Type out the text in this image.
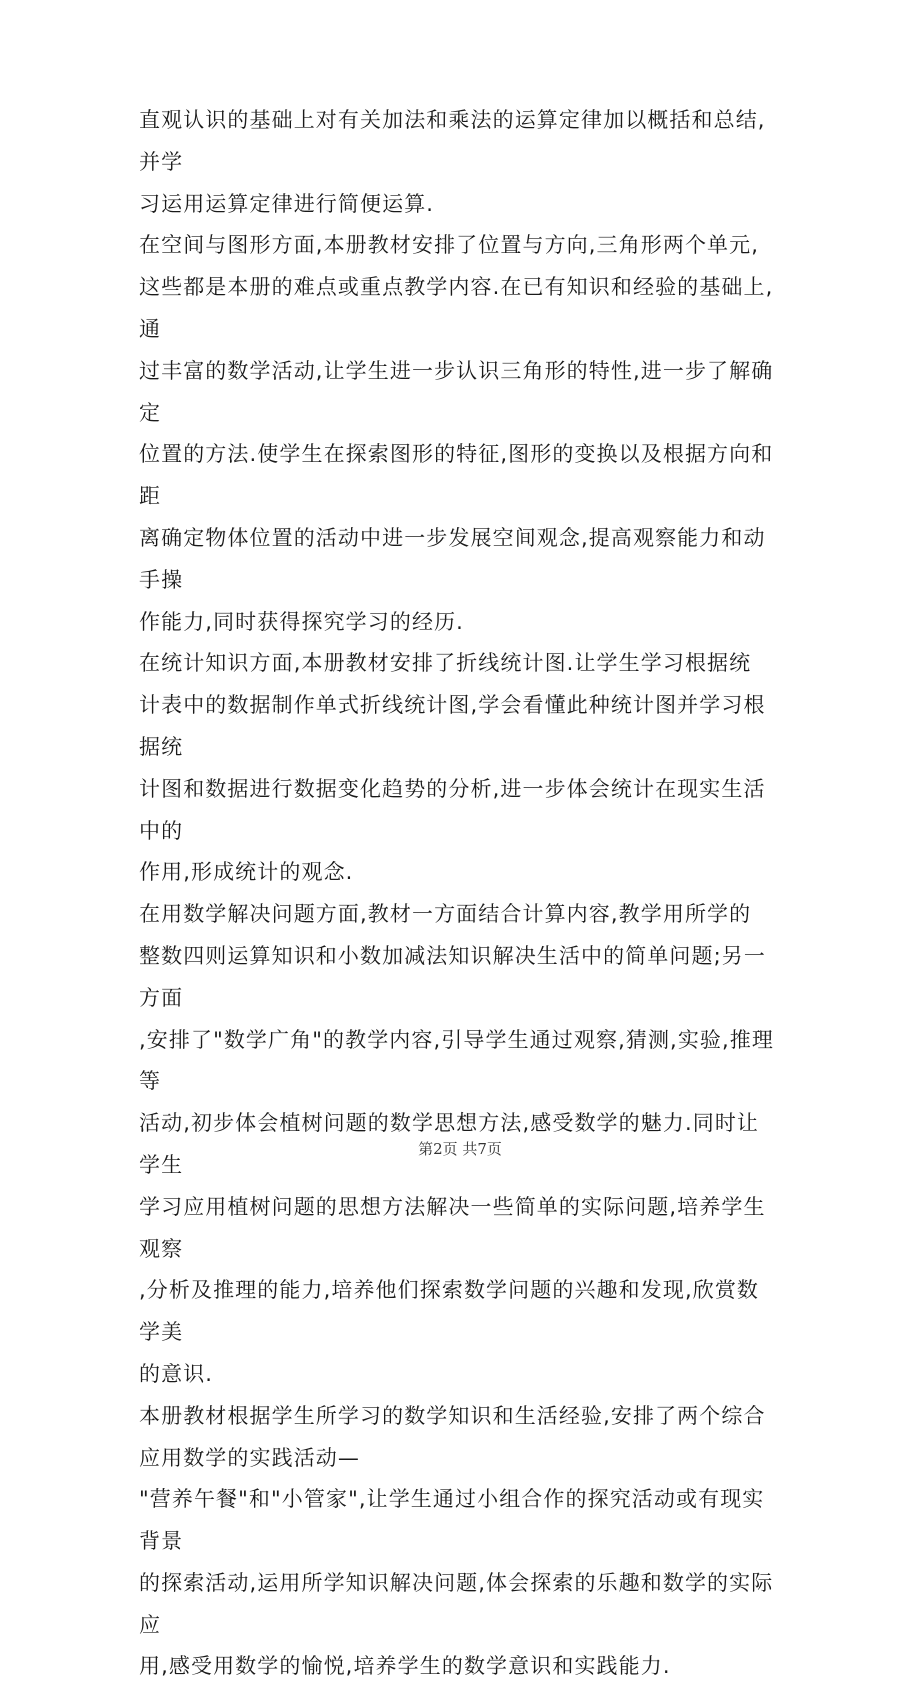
直观认识的基础上对有关加法和乘法的运算定律加以概括和总结,并学
习运用运算定律进行简便运算.

在空间与图形方面,本册教材安排了位置与方向,三角形两个单元,
这些都是本册的难点或重点教学内容.在已有知识和经验的基础上,通
过丰富的数学活动,让学生进一步认识三角形的特性,进一步了解确定
位置的方法.使学生在探索图形的特征,图形的变换以及根据方向和距
离确定物体位置的活动中进一步发展空间观念,提高观察能力和动手操
作能力,同时获得探究学习的经历.

在统计知识方面,本册教材安排了折线统计图.让学生学习根据统
计表中的数据制作单式折线统计图,学会看懂此种统计图并学习根据统
计图和数据进行数据变化趋势的分析,进一步体会统计在现实生活中的
作用,形成统计的观念.

在用数学解决问题方面,教材一方面结合计算内容,教学用所学的
整数四则运算知识和小数加减法知识解决生活中的简单问题;另一方面
,安排了"数学广角"的教学内容,引导学生通过观察,猜测,实验,推理等
活动,初步体会植树问题的数学思想方法,感受数学的魅力.同时让学生
学习应用植树问题的思想方法解决一些简单的实际问题,培养学生观察
,分析及推理的能力,培养他们探索数学问题的兴趣和发现,欣赏数学美
的意识.

本册教材根据学生所学习的数学知识和生活经验,安排了两个综合
应用数学的实践活动—
"营养午餐"和"小管家",让学生通过小组合作的探究活动或有现实背景
的探索活动,运用所学知识解决问题,体会探索的乐趣和数学的实际应
用,感受用数学的愉悦,培养学生的数学意识和实践能力.

第2页 共7页
